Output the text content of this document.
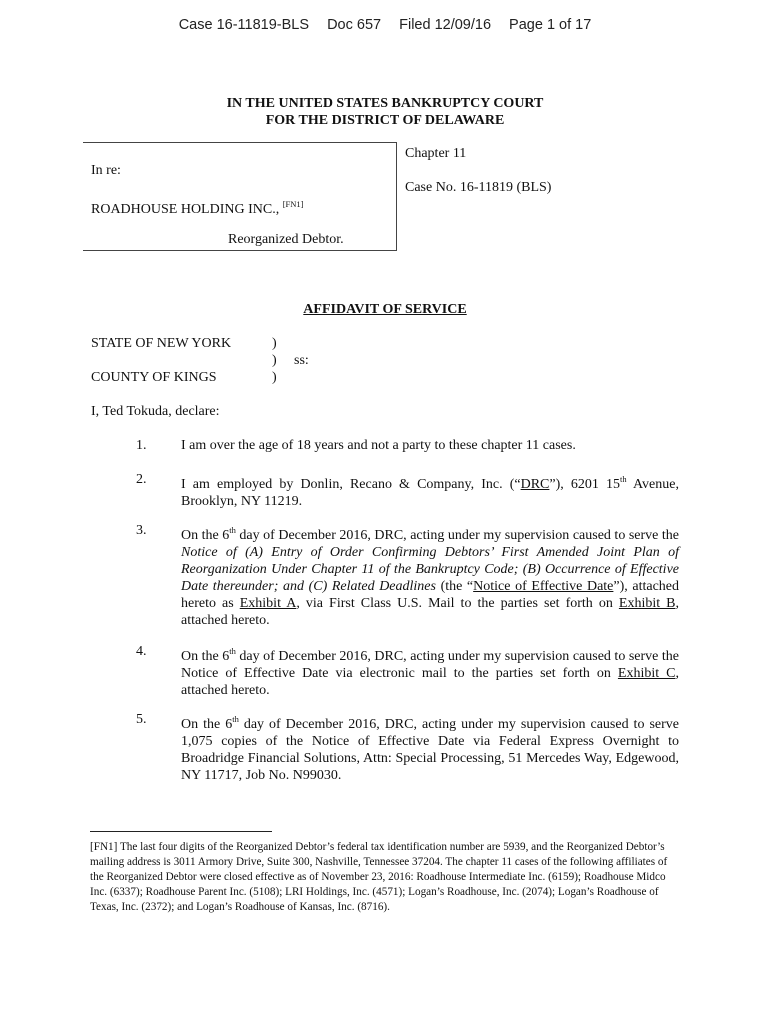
Case 16-11819-BLS Doc 657 Filed 12/09/16 Page 1 of 17
IN THE UNITED STATES BANKRUPTCY COURT
FOR THE DISTRICT OF DELAWARE
In re:
ROADHOUSE HOLDING INC., [FN1]
Reorganized Debtor.
Chapter 11
Case No. 16-11819 (BLS)
AFFIDAVIT OF SERVICE
STATE OF NEW YORK
COUNTY OF KINGS
)
)
)
ss:
I, Ted Tokuda, declare:
1.	I am over the age of 18 years and not a party to these chapter 11 cases.
2.	I am employed by Donlin, Recano & Company, Inc. (“DRC”), 6201 15th Avenue, Brooklyn, NY 11219.

3.	On the 6th day of December 2016, DRC, acting under my supervision caused to serve the Notice of (A) Entry of Order Confirming Debtors’ First Amended Joint Plan of Reorganization Under Chapter 11 of the Bankruptcy Code; (B) Occurrence of Effective Date thereunder; and (C) Related Deadlines (the “Notice of Effective Date”), attached hereto as Exhibit A, via First Class U.S. Mail to the parties set forth on Exhibit B, attached hereto.

4.	On the 6th day of December 2016, DRC, acting under my supervision caused to serve the Notice of Effective Date via electronic mail to the parties set forth on Exhibit C, attached hereto.

5.	On the 6th day of December 2016, DRC, acting under my supervision caused to serve 1,075 copies of the Notice of Effective Date via Federal Express Overnight to Broadridge Financial Solutions, Attn: Special Processing, 51 Mercedes Way, Edgewood, NY 11717, Job No. N99030.

[FN1] The last four digits of the Reorganized Debtor’s federal tax identification number are 5939, and the Reorganized Debtor’s mailing address is 3011 Armory Drive, Suite 300, Nashville, Tennessee 37204. The chapter 11 cases of the following affiliates of the Reorganized Debtor were closed effective as of November 23, 2016: Roadhouse Intermediate Inc. (6159); Roadhouse Midco Inc. (6337); Roadhouse Parent Inc. (5108); LRI Holdings, Inc. (4571); Logan’s Roadhouse, Inc. (2074); Logan’s Roadhouse of Texas, Inc. (2372); and Logan’s Roadhouse of Kansas, Inc. (8716).
